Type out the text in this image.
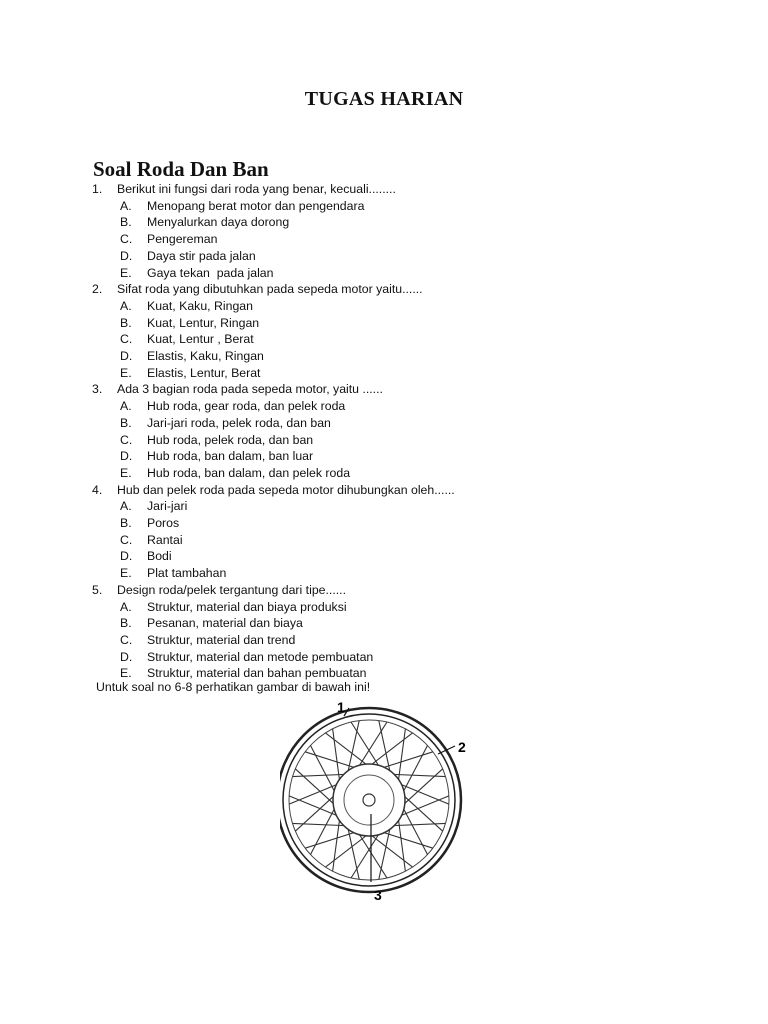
TUGAS HARIAN
Soal Roda Dan Ban
1. Berikut ini fungsi dari roda yang benar, kecuali........
A. Menopang berat motor dan pengendara
B. Menyalurkan daya dorong
C. Pengereman
D. Daya stir pada jalan
E. Gaya tekan  pada jalan
2. Sifat roda yang dibutuhkan pada sepeda motor yaitu......
A. Kuat, Kaku, Ringan
B. Kuat, Lentur, Ringan
C. Kuat, Lentur , Berat
D. Elastis, Kaku, Ringan
E. Elastis, Lentur, Berat
3. Ada 3 bagian roda pada sepeda motor, yaitu ......
A. Hub roda, gear roda, dan pelek roda
B. Jari-jari roda, pelek roda, dan ban
C. Hub roda, pelek roda, dan ban
D. Hub roda, ban dalam, ban luar
E. Hub roda, ban dalam, dan pelek roda
4. Hub dan pelek roda pada sepeda motor dihubungkan oleh......
A. Jari-jari
B. Poros
C. Rantai
D. Bodi
E. Plat tambahan
5. Design roda/pelek tergantung dari tipe......
A. Struktur, material dan biaya produksi
B. Pesanan, material dan biaya
C. Struktur, material dan trend
D. Struktur, material dan metode pembuatan
E. Struktur, material dan bahan pembuatan
Untuk soal no 6-8 perhatikan gambar di bawah ini!
1
2
3
